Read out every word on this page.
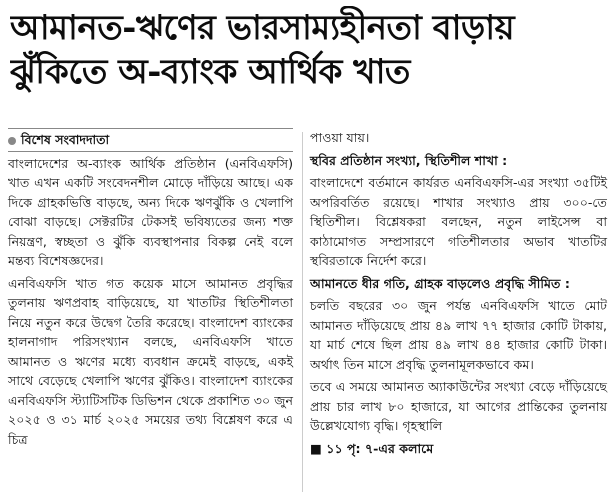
আমানত-ঋণের ভারসাম্যহীনতা বাড়ায়
ঝুঁকিতে অ-ব্যাংক আর্থিক খাত
বিশেষ সংবাদদাতা

বাংলাদেশের অ-ব্যাংক আর্থিক প্রতিষ্ঠান (এনবিএফসি) খাত এখন একটি সংবেদনশীল মোড়ে দাঁড়িয়ে আছে। এক দিকে গ্রাহকভিত্তি বাড়ছে, অন্য দিকে ঋণঝুঁকি ও খেলাপি বোঝা বাড়ছে। সেক্টরটির টেকসই ভবিষ্যতের জন্য শক্ত নিয়ন্ত্রণ, স্বচ্ছতা ও ঝুঁকি ব্যবস্থাপনার বিকল্প নেই বলে মন্তব্য বিশেষজ্ঞদের।

এনবিএফসি খাত গত কয়েক মাসে আমানত প্রবৃদ্ধির তুলনায় ঋণপ্রবাহ বাড়িয়েছে, যা খাতটির স্থিতিশীলতা নিয়ে নতুন করে উদ্বেগ তৈরি করেছে। বাংলাদেশ ব্যাংকের হালনাগাদ পরিসংখ্যান বলছে, এনবিএফসি খাতে আমানত ও ঋণের মধ্যে ব্যবধান ক্রমেই বাড়ছে, একই সাথে বেড়েছে খেলাপি ঋণের ঝুঁকিও। বাংলাদেশ ব্যাংকের এনবিএফসি স্ট্যাটিসটিক ডিভিশন থেকে প্রকাশিত ৩০ জুন ২০২৫ ও ৩১ মার্চ ২০২৫ সময়ের তথ্য বিশ্লেষণ করে এ চিত্র

পাওয়া যায়।

স্থবির প্রতিষ্ঠান সংখ্যা, স্থিতিশীল শাখা :

বাংলাদেশে বর্তমানে কার্যরত এনবিএফসি-এর সংখ্যা ৩৫টিই অপরিবর্তিত রয়েছে। শাখার সংখ্যাও প্রায় ৩০০-তে স্থিতিশীল। বিশ্লেষকরা বলছেন, নতুন লাইসেন্স বা কাঠামোগত সম্প্রসারণে গতিশীলতার অভাব খাতটির স্থবিরতাকে নির্দেশ করে।

আমানতে ধীর গতি, গ্রাহক বাড়লেও প্রবৃদ্ধি সীমিত :

চলতি বছরের ৩০ জুন পর্যন্ত এনবিএফসি খাতে মোট আমানত দাঁড়িয়েছে প্রায় ৪৯ লাখ ৭৭ হাজার কোটি টাকায়, যা মার্চ শেষে ছিল প্রায় ৪৯ লাখ ৪৪ হাজার কোটি টাকা। অর্থাৎ তিন মাসে প্রবৃদ্ধি তুলনামূলকভাবে কম।

তবে এ সময়ে আমানত অ্যাকাউন্টের সংখ্যা বেড়ে দাঁড়িয়েছে প্রায় চার লাখ ৮০ হাজারে, যা আগের প্রান্তিকের তুলনায় উল্লেখযোগ্য বৃদ্ধি। গৃহস্থালি

■ ১১ পৃ: ৭-এর কলামে
